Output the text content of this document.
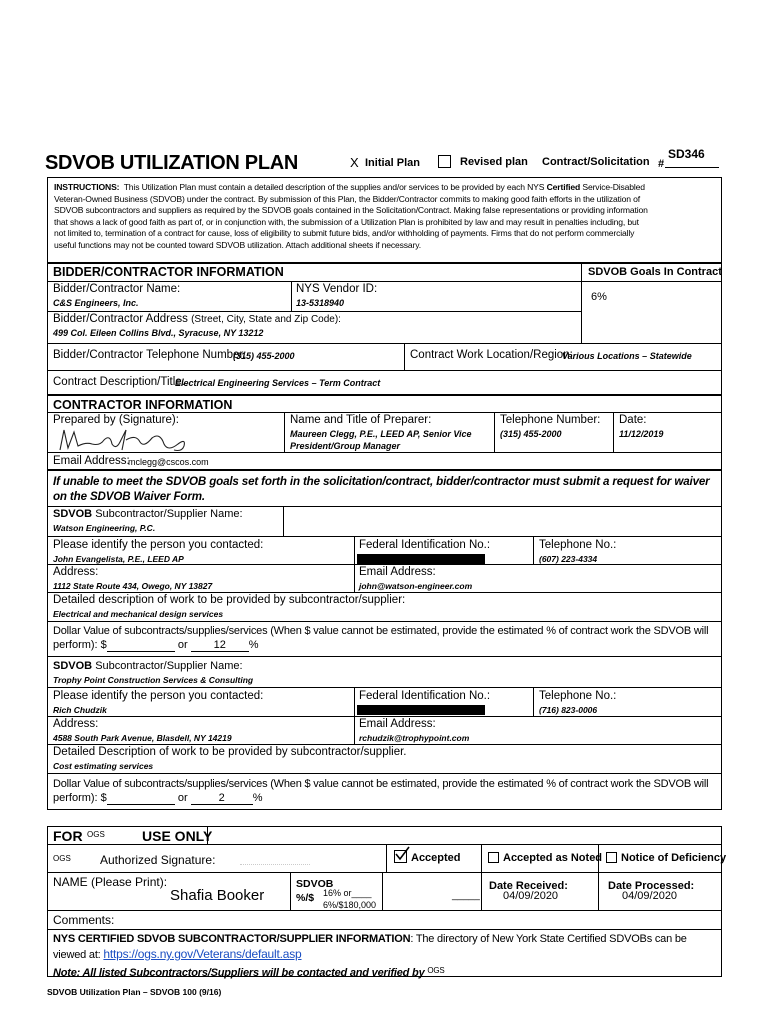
SDVOB UTILIZATION PLAN	X Initial Plan	Revised plan Contract/Solicitation #
SD346
INSTRUCTIONS: This Utilization Plan must contain a detailed description of the supplies and/or services to be provided by each NYS Certified Service-Disabled
Veteran-Owned Business (SDVOB) under the contract. By submission of this Plan, the Bidder/Contractor commits to making good faith efforts in the utilization of
SDVOB subcontractors and suppliers as required by the SDVOB goals contained in the Solicitation/Contract. Making false representations or providing information
that shows a lack of good faith as part of, or in conjunction with, the submission of a Utilization Plan is prohibited by law and may result in penalties including, but
not limited to, termination of a contract for cause, loss of eligibility to submit future bids, and/or withholding of payments. Firms that do not perform commercially
useful functions may not be counted toward SDVOB utilization. Attach additional sheets if necessary.
BIDDER/CONTRACTOR INFORMATION	SDVOB Goals In Contract
6%
Bidder/Contractor Name:
C&S Engineers, Inc.
NYS Vendor ID:
13-5318940
Bidder/Contractor Address (Street, City, State and Zip Code):
499 Col. Eileen Collins Blvd., Syracuse, NY 13212
Bidder/Contractor Telephone Number:
(315) 455-2000	Contract Work Location/Region:
Various Locations – Statewide
Contract Description/Title:
Electrical Engineering Services – Term Contract
CONTRACTOR INFORMATION
Prepared by (Signature):	Name and Title of Preparer:
Maureen Clegg, P.E., LEED AP, Senior Vice
President/Group Manager
Telephone Number:
(315) 455-2000
Date:
11/12/2019
Email Address:
mclegg@cscos.com
If unable to meet the SDVOB goals set forth in the solicitation/contract, bidder/contractor must submit a request for waiver
on the SDVOB Waiver Form.
SDVOB Subcontractor/Supplier Name:
Watson Engineering, P.C.
Please identify the person you contacted:
John Evangelista, P.E., LEED AP
Federal Identification No.:	Telephone No.:
(607) 223-4334
Address:
1112 State Route 434, Owego, NY 13827
Email Address:
john@watson-engineer.com
Detailed description of work to be provided by subcontractor/supplier:
Electrical and mechanical design services
Dollar Value of subcontracts/supplies/services (When $ value cannot be estimated, provide the estimated % of contract work the SDVOB will
perform): $	or 12 %
SDVOB Subcontractor/Supplier Name:
Trophy Point Construction Services & Consulting
Please identify the person you contacted:
Rich Chudzik
Federal Identification No.:	Telephone No.:
(716) 823-0006
Address:
4588 South Park Avenue, Blasdell, NY 14219
Email Address:
rchudzik@trophypoint.com
Detailed Description of work to be provided by subcontractor/supplier.
Cost estimating services
Dollar Value of subcontracts/supplies/services (When $ value cannot be estimated, provide the estimated % of contract work the SDVOB will
perform): $	or	2	%
FOR OGS	USE ONLY
OGS Authorized Signature:	Accepted	Accepted as Noted	Notice of Deficiency
NAME (Please Print):
Shafia Booker
SDVOB
%/$ 16% or____
6%/$180,000
_____
Date Received:
04/09/2020
Date Processed:
04/09/2020
Comments:
NYS CERTIFIED SDVOB SUBCONTRACTOR/SUPPLIER INFORMATION: The directory of New York State Certified SDVOBs can be
viewed at: https://ogs.ny.gov/Veterans/default.asp
Note: All listed Subcontractors/Suppliers will be contacted and verified by $^{OGS}$
SDVOB Utilization Plan – SDVOB 100 (9/16)
